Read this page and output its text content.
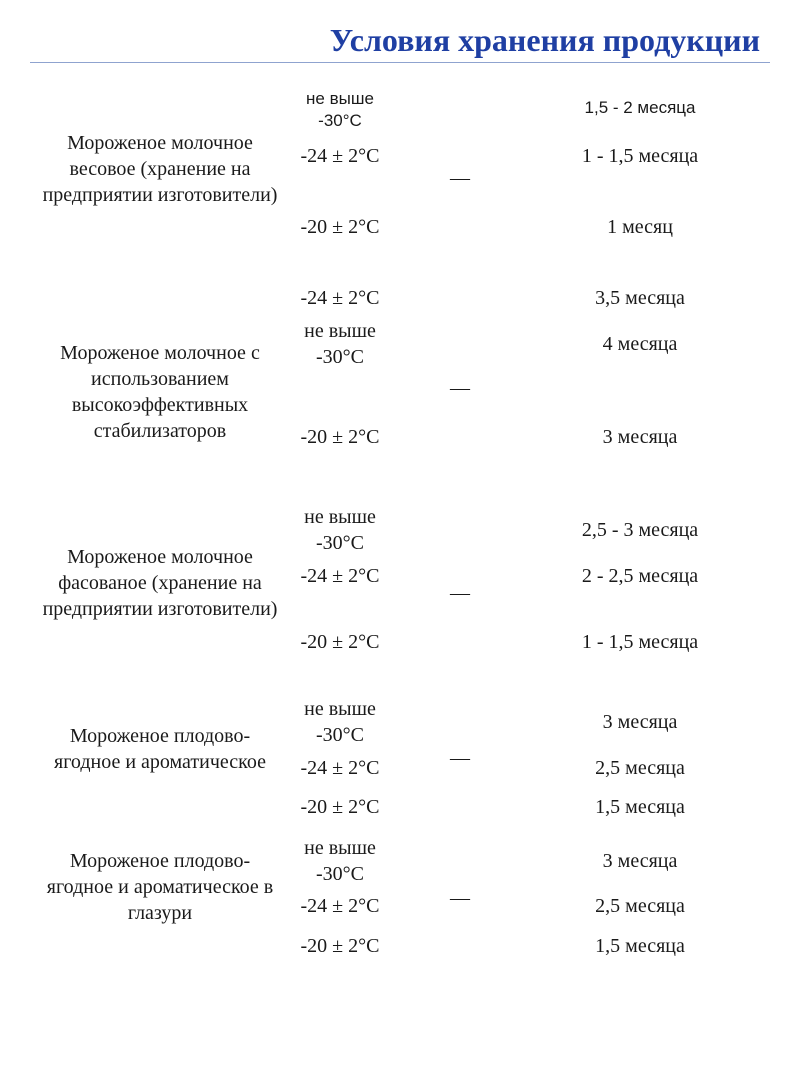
Условия хранения продукции
Мороженое молочное весовое (хранение на предприятии изготовители)
не выше -30°С
-24 ± 2°С
-20 ± 2°С
—
1,5 - 2 месяца
1 - 1,5 месяца
1 месяц
Мороженое молочное с использованием высокоэффективных стабилизаторов
-24 ± 2°С
не выше -30°С
-20 ± 2°С
—
3,5 месяца
4 месяца
3 месяца
Мороженое молочное фасованое (хранение на предприятии изготовители)
не выше -30°С
-24 ± 2°С
-20 ± 2°С
—
2,5 - 3 месяца
2 - 2,5 месяца
1 - 1,5 месяца
Мороженое плодово-ягодное и ароматическое
не выше -30°С
-24 ± 2°С
-20 ± 2°С
—
3 месяца
2,5 месяца
1,5 месяца
Мороженое плодово-ягодное и ароматическое в глазури
не выше -30°С
-24 ± 2°С
-20 ± 2°С
—
3 месяца
2,5 месяца
1,5 месяца
